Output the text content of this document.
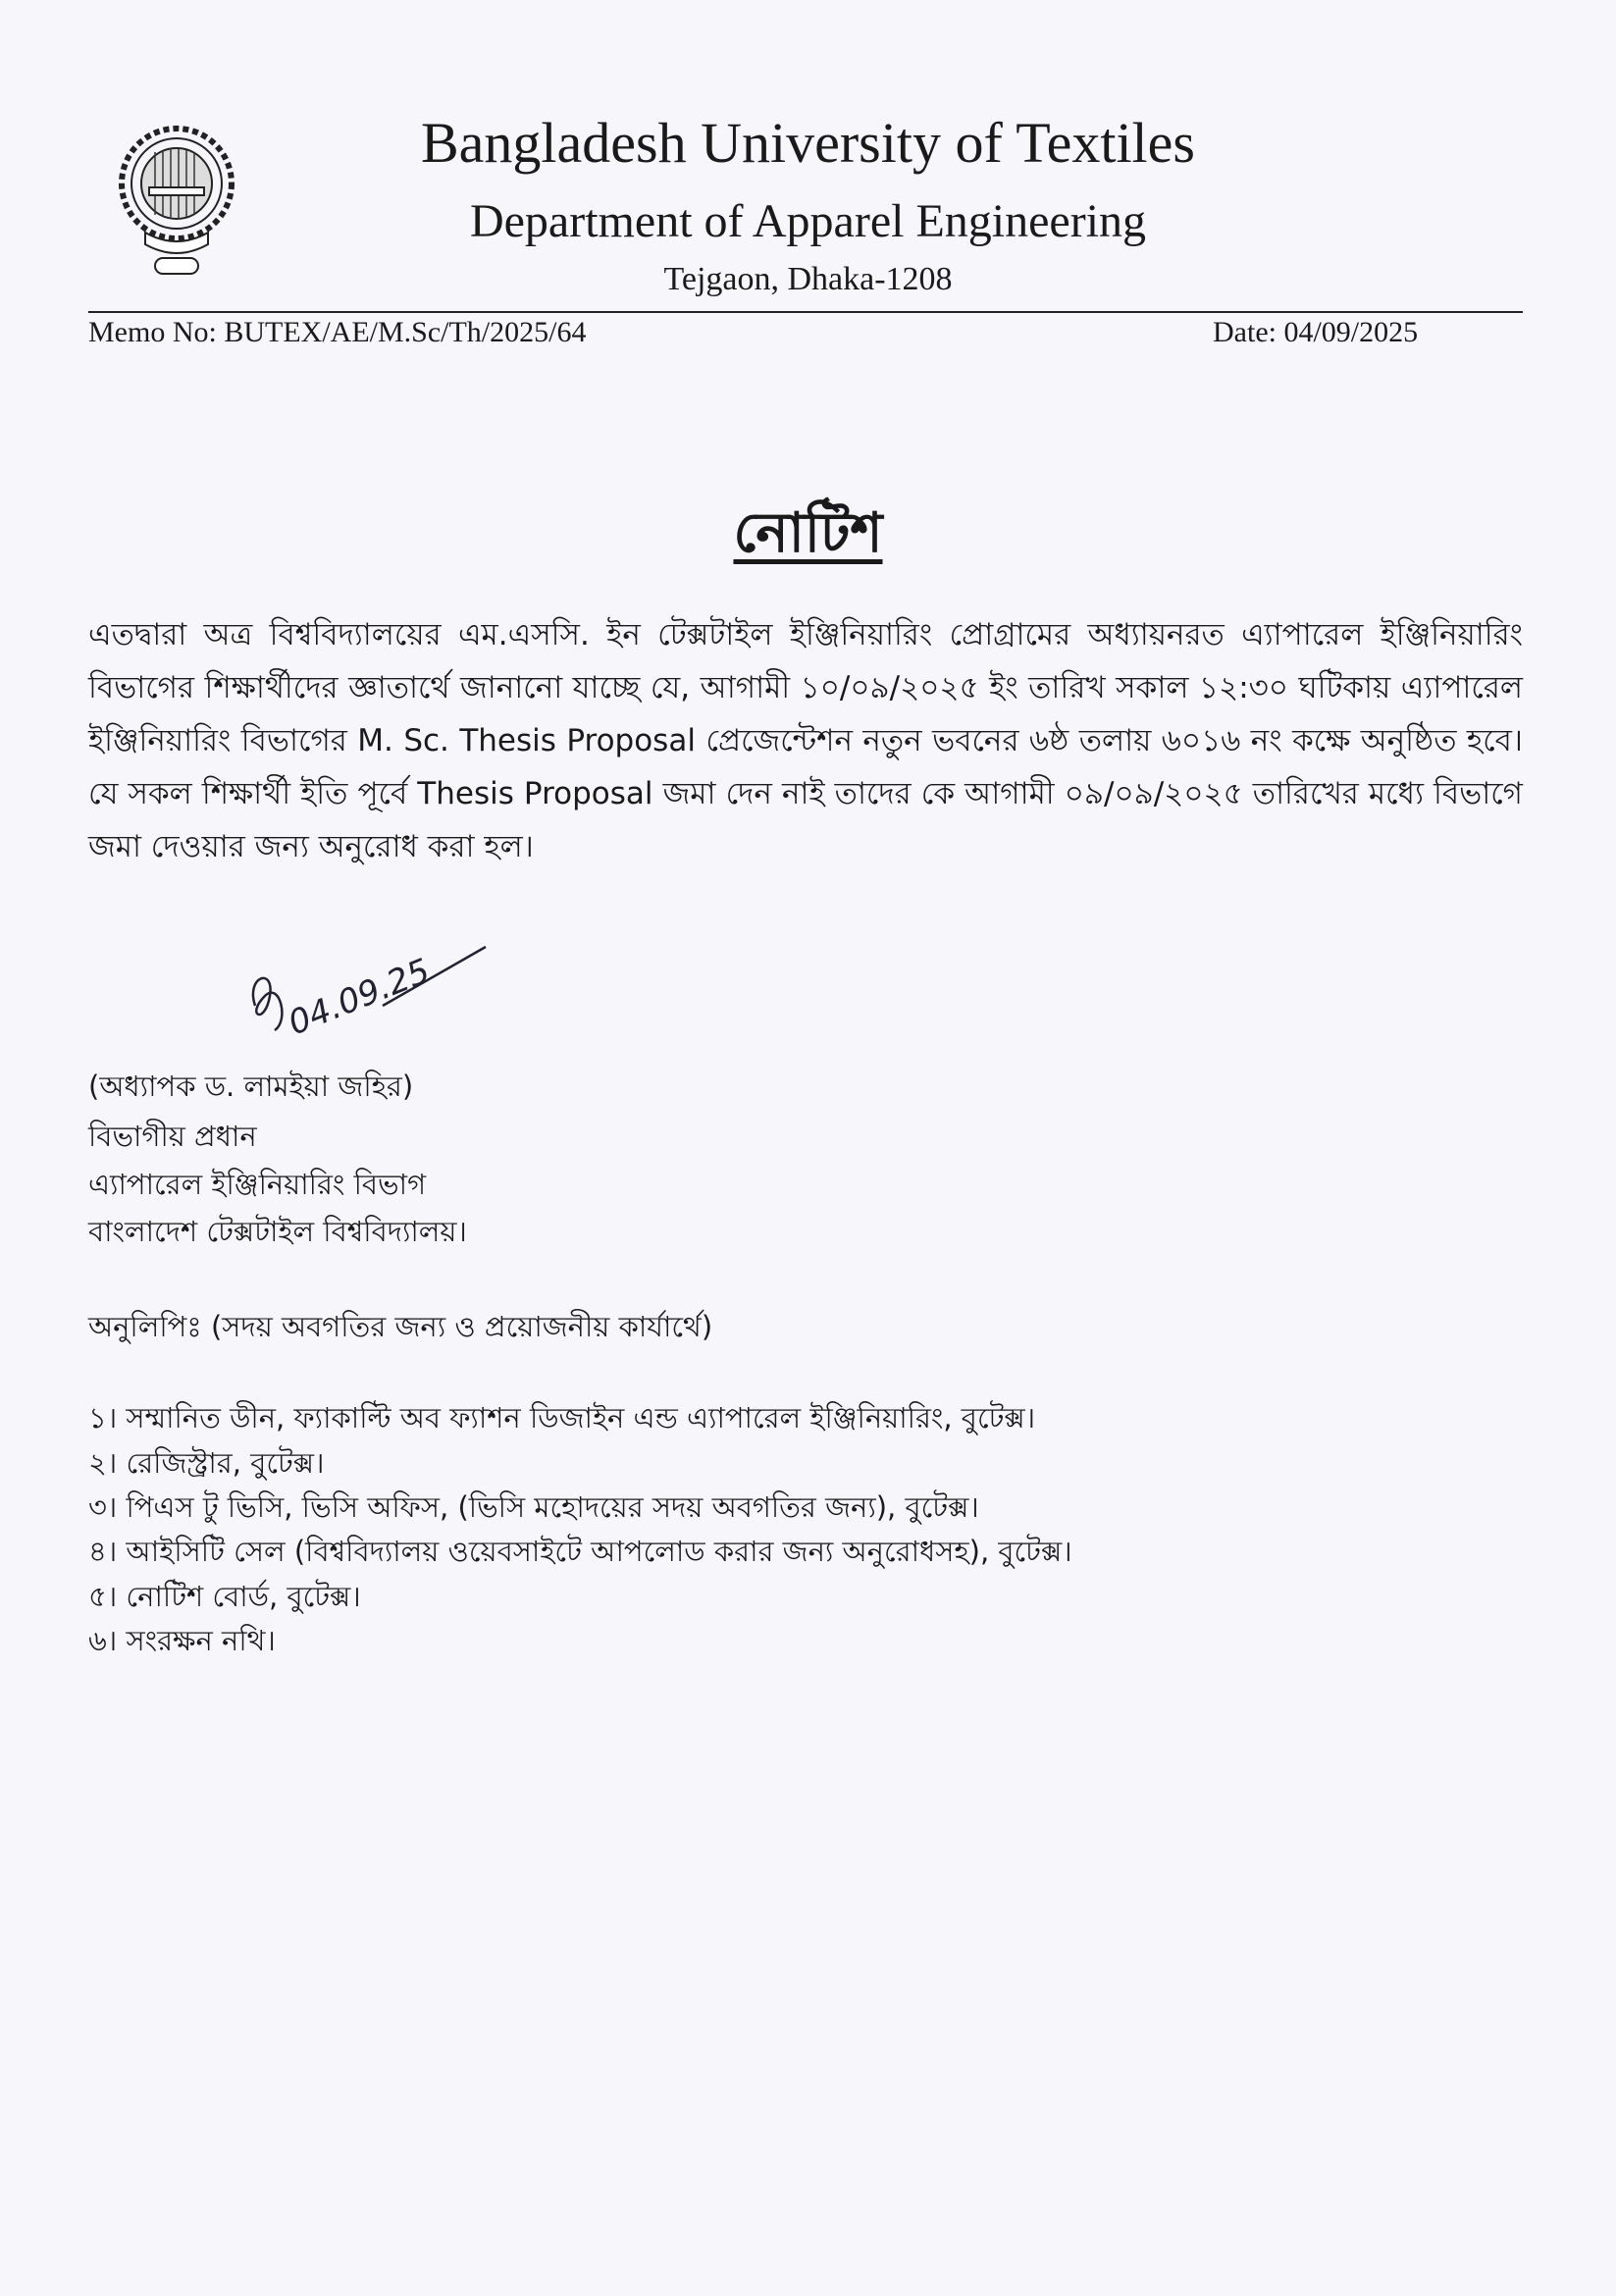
Bangladesh University of Textiles
Department of Apparel Engineering
Tejgaon, Dhaka-1208
Memo No: BUTEX/AE/M.Sc/Th/2025/64	Date: 04/09/2025
নোটিশ
এতদ্বারা অত্র বিশ্ববিদ্যালয়ের এম.এসসি. ইন টেক্সটাইল ইঞ্জিনিয়ারিং প্রোগ্রামের অধ্যায়নরত এ্যাপারেল ইঞ্জিনিয়ারিং বিভাগের শিক্ষার্থীদের জ্ঞাতার্থে জানানো যাচ্ছে যে, আগামী ১০/০৯/২০২৫ ইং তারিখ সকাল ১২:৩০ ঘটিকায় এ্যাপারেল ইঞ্জিনিয়ারিং বিভাগের M. Sc. Thesis Proposal প্রেজেন্টেশন নতুন ভবনের ৬ষ্ঠ তলায় ৬০১৬ নং কক্ষে অনুষ্ঠিত হবে। যে সকল শিক্ষার্থী ইতি পূর্বে Thesis Proposal জমা দেন নাই তাদের কে আগামী ০৯/০৯/২০২৫ তারিখের মধ্যে বিভাগে জমা দেওয়ার জন্য অনুরোধ করা হল।
04.09.25
(অধ্যাপক ড. লামইয়া জহির)
বিভাগীয় প্রধান
এ্যাপারেল ইঞ্জিনিয়ারিং বিভাগ
বাংলাদেশ টেক্সটাইল বিশ্ববিদ্যালয়।
অনুলিপিঃ (সদয় অবগতির জন্য ও প্রয়োজনীয় কার্যার্থে)
১। সম্মানিত ডীন, ফ্যাকাল্টি অব ফ্যাশন ডিজাইন এন্ড এ্যাপারেল ইঞ্জিনিয়ারিং, বুটেক্স।
২। রেজিস্ট্রার, বুটেক্স।
৩। পিএস টু ভিসি, ভিসি অফিস, (ভিসি মহোদয়ের সদয় অবগতির জন্য), বুটেক্স।
৪। আইসিটি সেল (বিশ্ববিদ্যালয় ওয়েবসাইটে আপলোড করার জন্য অনুরোধসহ), বুটেক্স।
৫। নোটিশ বোর্ড, বুটেক্স।
৬। সংরক্ষন নথি।
